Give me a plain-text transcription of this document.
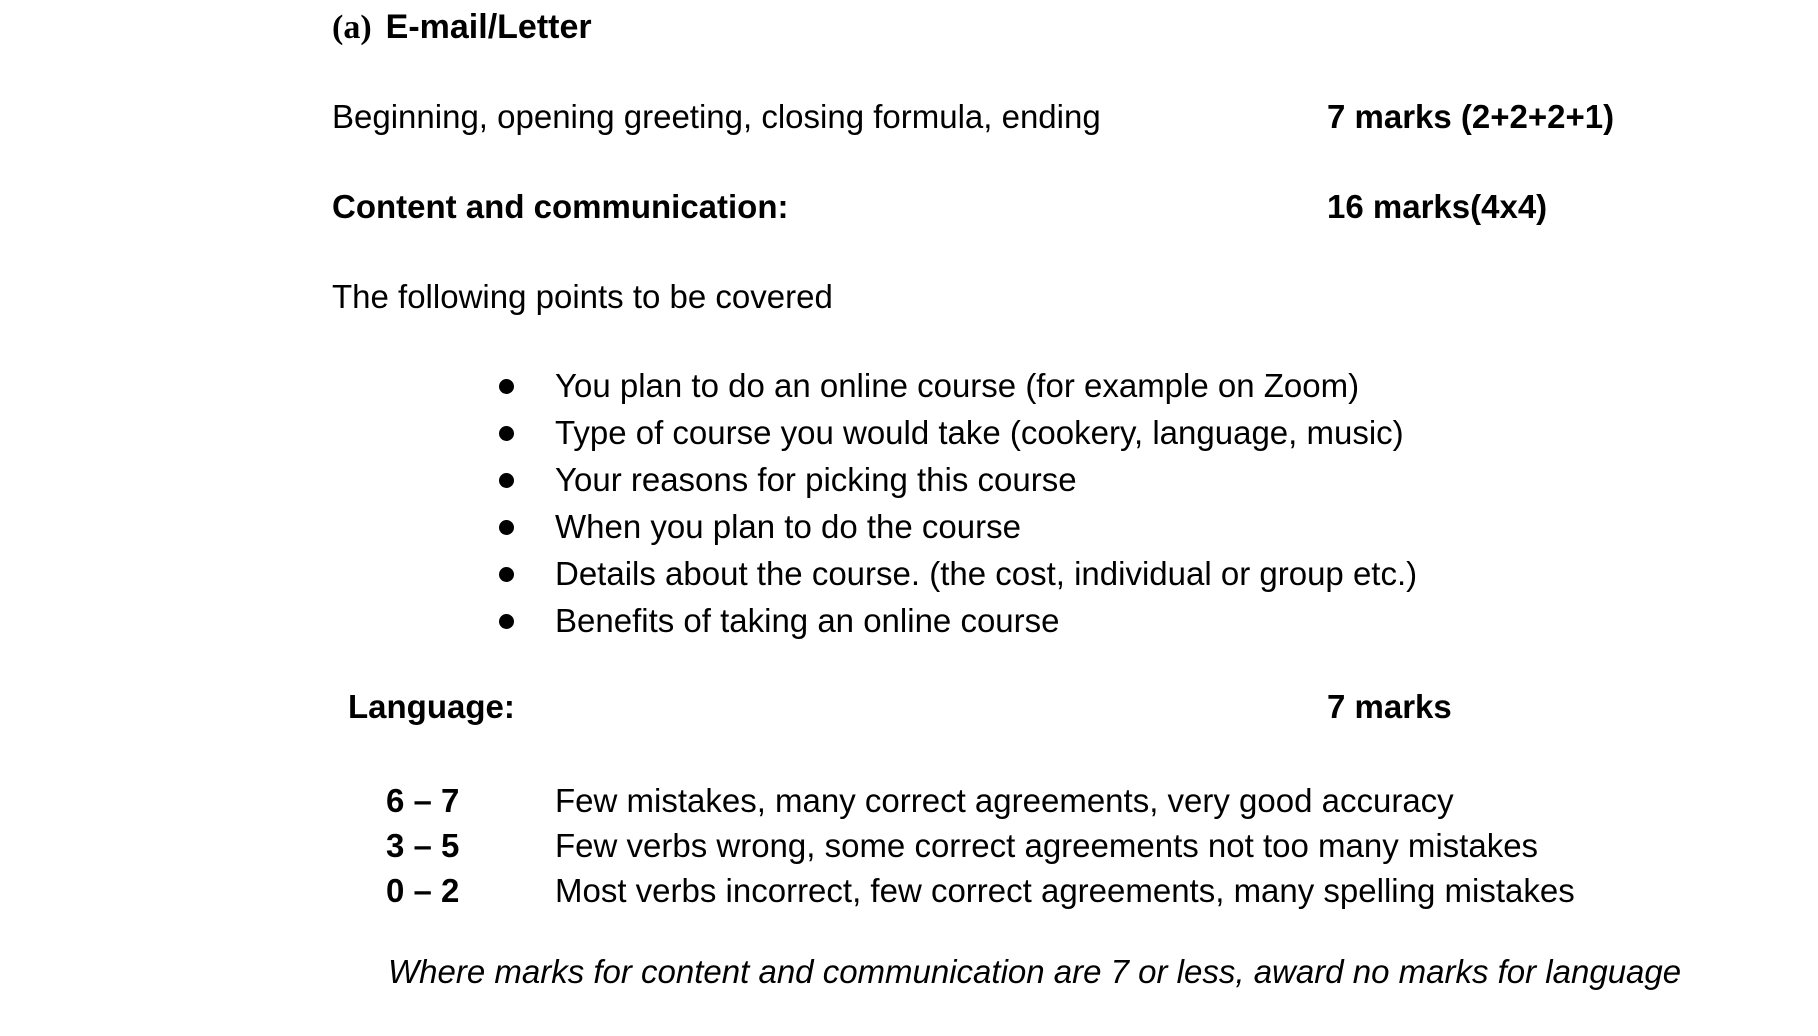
(a) E-mail/Letter
Beginning, opening greeting, closing formula, ending	7 marks (2+2+2+1)
Content and communication:	16 marks(4x4)
The following points to be covered
You plan to do an online course (for example on Zoom)
Type of course you would take (cookery, language, music)
Your reasons for picking this course
When you plan to do the course
Details about the course. (the cost, individual or group etc.)
Benefits of taking an online course
Language:	7 marks
6 – 7	Few mistakes, many correct agreements, very good accuracy
3 – 5	Few verbs wrong, some correct agreements not too many mistakes
0 – 2	Most verbs incorrect, few correct agreements, many spelling mistakes
Where marks for content and communication are 7 or less, award no marks for language
